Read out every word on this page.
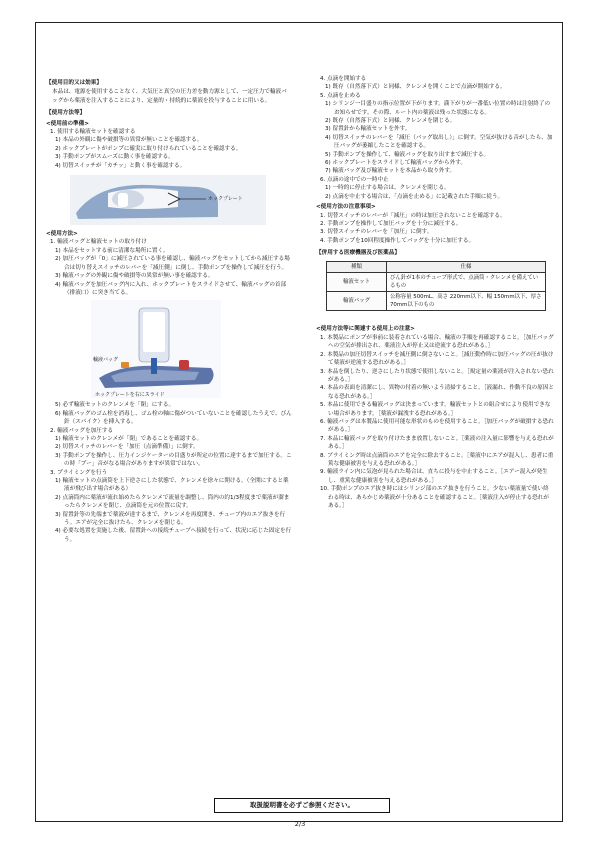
【使用目的又は効果】
本品は、電源を使用することなく、大気圧と真空の圧力差を動力源として、一定圧力で輸液バッグから薬液を注入することにより、定量的・持続的に薬液を投与することに用いる。
【使用方法等】
<使用前の準備>
1. 使用する輸液セットを確認する
1) 本品の外観に傷や破損等の異常が無いことを確認する。
2) ホックプレートがポンプに確実に取り付けられていることを確認する。
3) 手動ポンプがスムーズに動く事を確認する。
4) 切替スイッチが「カチッ」と動く事を確認する。
ホックプレート
<使用方法>
1. 輸液バッグと輸液セットの取り付け
1) 本品をセットする前に清潔な場所に置く。
2) 加圧バッグが「0」に減圧されている事を確認し、輸液バッグをセットしてから減圧する場合は切り替えスイッチのレバーを「減圧側」に倒し、手動ポンプを操作して減圧を行う。
3) 輸液バッグの外観に傷や破損等の異常が無い事を確認する。
4) 輸液バッグを加圧バッグ内に入れ、ホックプレートをスライドさせて、輸液バッグの首部（排液口）に突き当てる。
輸液バッグ
ホックプレートを右にスライド
5) 必ず輸液セットのクレンメを「閉」にする。
6) 輸液バッグのゴム栓を消毒し、ゴム栓の軸に傷がついていないことを確認したうえで、びん針（スパイク）を挿入する。
2. 輸液バッグを加圧する
1) 輸液セットのクレンメが「閉」であることを確認する。
2) 切替スイッチのレバーを「加圧（点滴準備）」に倒す。
3) 手動ポンプを操作し、圧力インジケーターの目盛りが所定の位置に達するまで加圧する。この時「プー」音がなる場合がありますが異常ではない。
3. プライミングを行う
1) 輸液セットの点滴筒を上下逆さにした状態で、クレンメを徐々に開ける。（全開にすると薬液が飛び出す場合がある）
2) 点滴筒内に薬液が流れ始めたらクレンメで流量を調整し、筒内の約1/3程度まで薬液が溜まったらクレンメを閉じ、点滴筒を元の位置に戻す。
3) 留置針等の先端まで薬液が達するまで、クレンメを再度開き、チューブ内のエア抜きを行う。エアが完全に抜けたら、クレンメを閉じる。
4) 必要な処置を実施した後、留置針への接続チューブへ接続を行って、状況に応じた固定を行う。
4. 点滴を開始する
1) 既存（自然落下式）と同様、クレンメを開くことで点滴が開始する。
5. 点滴を止める
1) シリンジ一目盛りの指示位置が下がります。満下がりが一番低い位置の時は注射終了のお知らせです。その際、ルート内の薬液は残った状態になる。
2) 既存（自然落下式）と同様、クレンメを閉じる。
3) 留置針から輸液セットを外す。
4) 切替スイッチのレバーを「減圧（バッグ取出し）」に倒す。空気が抜ける音がしたら、加圧バッグが萎縮したことを確認する。
5) 手動ポンプを操作して、輸液バッグを取り出すまで減圧する。
6) ホックプレートをスライドして輸液バッグから外す。
7) 輸液バッグ及び輸液セットを本品から取り外す。
6. 点滴の途中での一時中止
1) 一時的に停止する場合は、クレンメを閉じる。
2) 点滴を中止する場合は、「点滴を止める」に記載された手順に従う。
<使用方法の注意事項>
1. 切替スイッチのレバーが「減圧」の時は加圧されないことを確認する。
2. 手動ポンプを操作して加圧バッグを十分に減圧する。
3. 切替スイッチのレバーを「加圧」に倒す。
4. 手動ポンプを10回程度操作してバッグを十分に加圧する。
【併用する医療機器及び医薬品】
種類	仕様
輸液セット	びん針が1本のチューブ形式で、点滴筒・クレンメを備えているもの
輸液バッグ	公称容量 500mL、高さ 220mm以下、幅 150mm以下、厚さ 70mm以下のもの
<使用方法等に関連する使用上の注意>
1. 本製品にポンプが事前に装着されている場合、輸液の手順を再確認すること。［加圧バッグへの空気が排出され、薬液注入が停止又は逆流する恐れがある。］
2. 本製品の加圧切替スイッチを減圧側に倒さないこと。［減圧動作時に加圧バッグの圧が抜けて薬液が逆流する恐れがある。］
3. 本品を倒したり、逆さにしたり状態で使用しないこと。［規定量の薬液が注入されない恐れがある。］
4. 本品の表面を清潔にし、異物の付着の無いよう清掃すること。［液漏れ、作動不良の原因となる恐れがある。］
5. 本品に使用できる輸液バッグは決まっています。輸液セットとの組合せにより使用できない場合があります。［薬液が漏洩する恐れがある。］
6. 輸液バッグは本製品に使用可能な形状のものを使用すること。［加圧バッグが破損する恐れがある。］
7. 本品に輸液バッグを取り付けたまま放置しないこと。［薬液の注入量に影響を与える恐れがある。］
8. ブライミング時は点滴筒のエアを完全に除去すること。［薬液中にエアが混入し、患者に重篤な健康被害を与える恐れがある。］
9. 輸液ライン内に気泡が見られた場合は、直ちに投与を中止すること。［エアー混入が発生し、重篤な健康被害を与える恐れがある。］
10. 手動ポンプのエア抜き時にはシリンジ部のエア抜きを行うこと。少ない薬液量で使い終わる時は、あらかじめ薬液が十分あることを確認すること。［薬液注入が停止する恐れがある。］
取扱説明書を必ずご参照ください。
2/3
